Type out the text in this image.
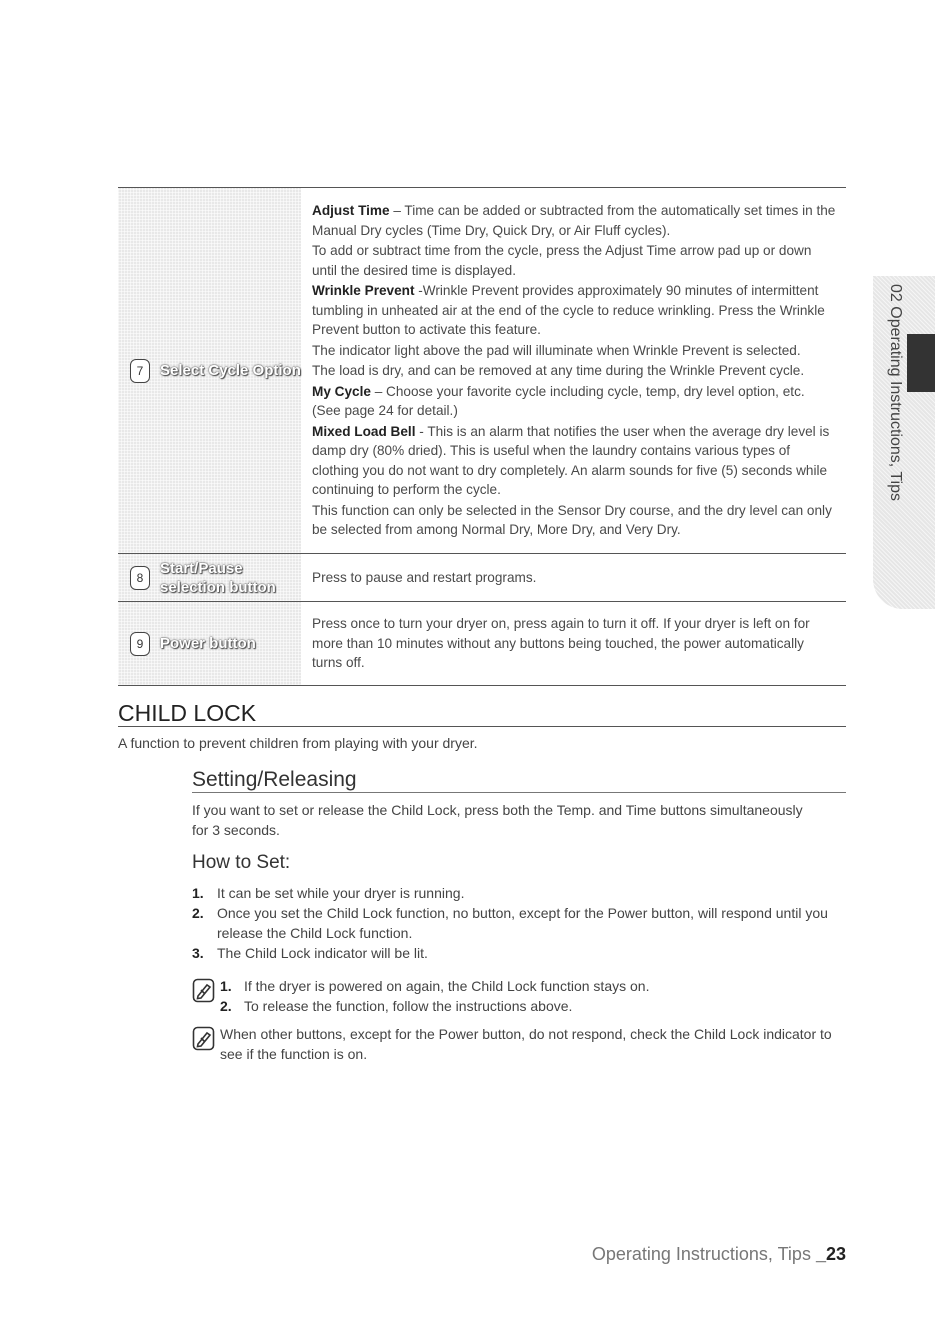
7	Select Cycle Option

Adjust Time – Time can be added or subtracted from the automatically set times in the Manual Dry cycles (Time Dry, Quick Dry, or Air Fluff cycles).

To add or subtract time from the cycle, press the Adjust Time arrow pad up or down until the desired time is displayed.

Wrinkle Prevent -Wrinkle Prevent provides approximately 90 minutes of intermittent tumbling in unheated air at the end of the cycle to reduce wrinkling. Press the Wrinkle Prevent button to activate this feature.

The indicator light above the pad will illuminate when Wrinkle Prevent is selected.

The load is dry, and can be removed at any time during the Wrinkle Prevent cycle.

My Cycle – Choose your favorite cycle including cycle, temp, dry level option, etc. (See page 24 for detail.)

Mixed Load Bell - This is an alarm that notifies the user when the average dry level is damp dry (80% dried). This is useful when the laundry contains various types of clothing you do not want to dry completely. An alarm sounds for five (5) seconds while continuing to perform the cycle.

This function can only be selected in the Sensor Dry course, and the dry level can only be selected from among Normal Dry, More Dry, and Very Dry.

8
Start/Pause selection button

Press to pause and restart programs.

9	Power button

Press once to turn your dryer on, press again to turn it off. If your dryer is left on for more than 10 minutes without any buttons being touched, the power automatically turns off.

CHILD LOCK
A function to prevent children from playing with your dryer.
Setting/Releasing
If you want to set or release the Child Lock, press both the Temp. and Time buttons simultaneously for 3 seconds.
How to Set:
1. It can be set while your dryer is running.
2. Once you set the Child Lock function, no button, except for the Power button, will respond until you release the Child Lock function.
3. The Child Lock indicator will be lit.
1. If the dryer is powered on again, the Child Lock function stays on.
2. To release the function, follow the instructions above.
When other buttons, except for the Power button, do not respond, check the Child Lock indicator to see if the function is on.
Operating Instructions, Tips _23
02 Operating Instructions, Tips
